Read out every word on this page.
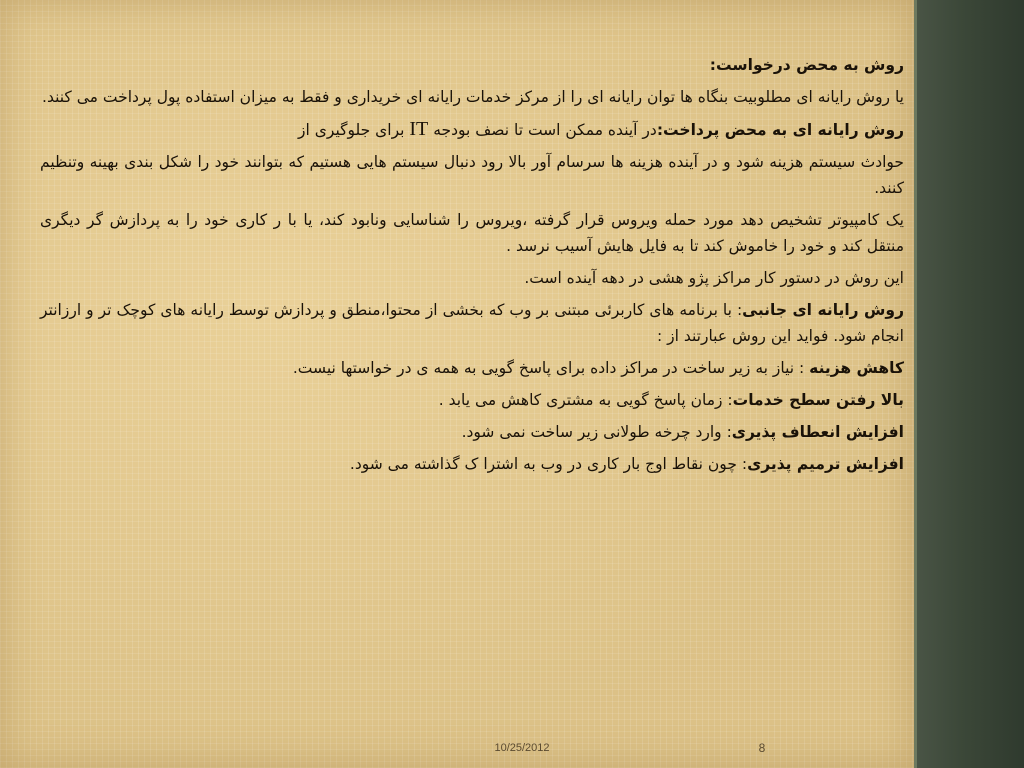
روش به محض درخواست:

یا روش رایانه ای مطلوبیت بنگاه ها توان رایانه ای را از مرکز خدمات رایانه ای خریداری و فقط به میزان استفاده پول پرداخت می کنند.

روش رایانه ای به محض پرداخت:در آینده ممکن است تا نصف بودجه IT برای جلوگیری از

حوادث سیستم هزینه شود و در آینده هزینه ها سرسام آور بالا رود دنبال سیستم هایی هستیم که بتوانند خود را شکل بندی بهینه وتنظیم کنند.

یک کامپیوتر تشخیص دهد مورد حمله ویروس قرار گرفته ،ویروس را شناسایی ونابود کند، یا با ر کاری خود را به پردازش گر دیگری منتقل کند و خود را خاموش کند تا به فایل هایش آسیب نرسد .

این روش در دستور کار مراکز پژو هشی در دهه آینده است.

روش رایانه ای جانبی: با برنامه های کاربرئی مبتنی بر وب که بخشی از محتوا،منطق و پردازش توسط رایانه های کوچک تر و ارزانتر انجام شود. فواید این روش عبارتند از :

کاهش هزینه : نیاز به زیر ساخت در مراکز داده برای پاسخ گویی به همه ی در خواستها نیست.

بالا رفتن سطح خدمات: زمان پاسخ گویی به مشتری کاهش می یابد .

افزایش انعطاف پذیری: وارد چرخه طولانی زیر ساخت نمی شود.

افزایش ترمیم پذیری: چون نقاط اوج بار کاری در وب به اشترا ک گذاشته می شود.

10/25/2012	8
